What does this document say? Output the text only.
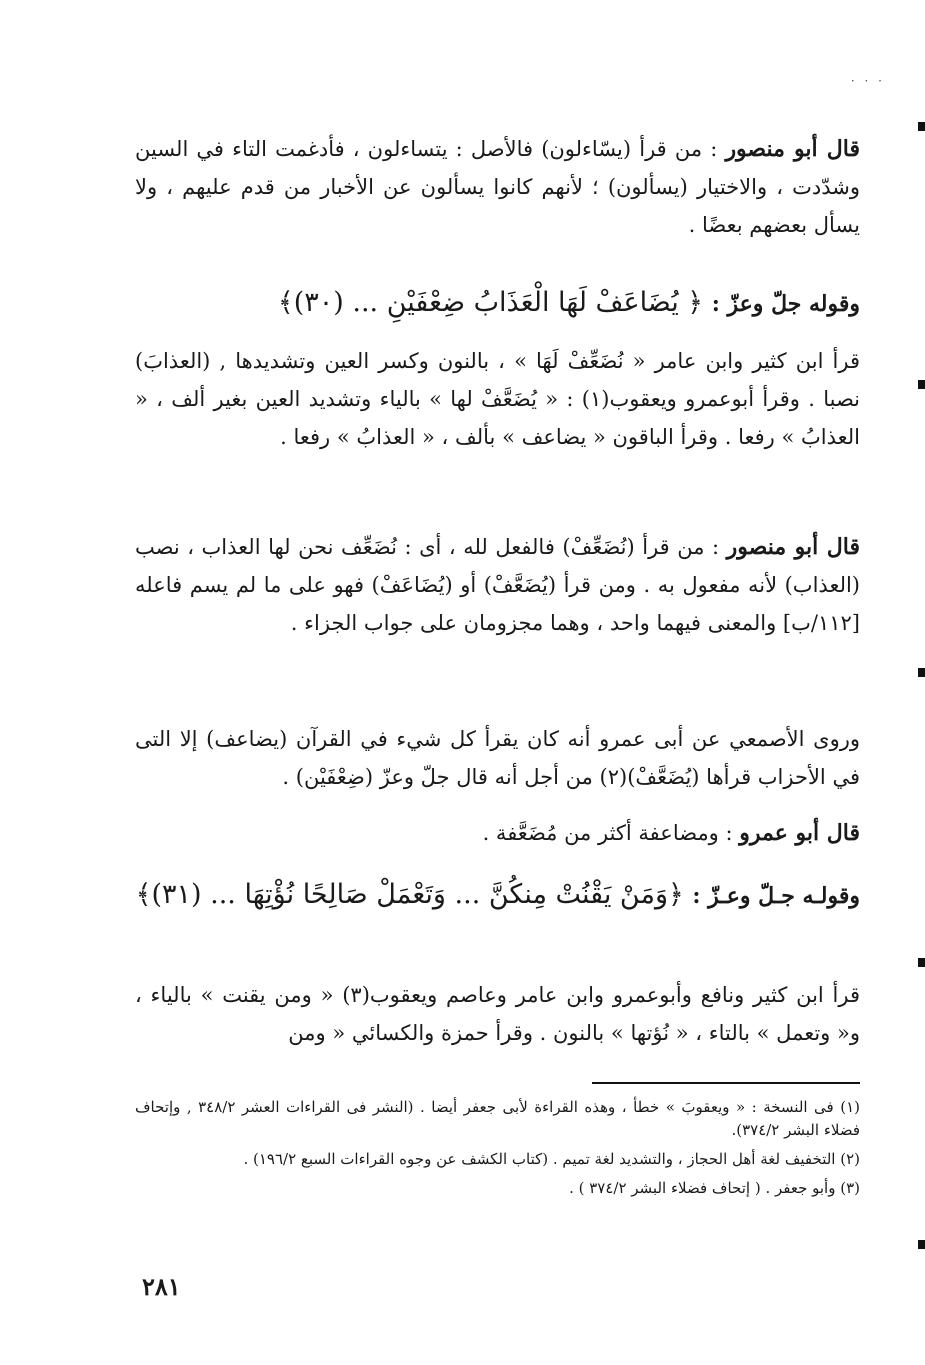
· · ·

قال أبو منصور : من قرأ (يسّاءلون) فالأصل : يتساءلون ، فأدغمت التاء في السين وشدّدت ، والاختيار (يسألون) ؛ لأنهم كانوا يسألون عن الأخبار من قدم عليهم ، ولا يسأل بعضهم بعضًا .

وقوله جلّ وعزّ : ﴿ يُضَاعَفْ لَهَا الْعَذَابُ ضِعْفَيْنِ ... (٣٠)﴾

قرأ ابن كثير وابن عامر « نُضَعِّفْ لَهَا » ، بالنون وكسر العين وتشديدها , (العذابَ) نصبا . وقرأ أبوعمرو ويعقوب(١) : « يُضَعَّفْ لها » بالياء وتشديد العين بغير ألف ، « العذابُ » رفعا . وقرأ الباقون « يضاعف » بألف ، « العذابُ » رفعا .

قال أبو منصور : من قرأ (نُضَعِّفْ) فالفعل لله ، أى : نُضَعِّف نحن لها العذاب ، نصب (العذاب) لأنه مفعول به . ومن قرأ (يُضَعَّفْ) أو (يُضَاعَفْ) فهو على ما لم يسم فاعله [١١٢/ب] والمعنى فيهما واحد ، وهما مجزومان على جواب الجزاء .

وروى الأصمعي عن أبى عمرو أنه كان يقرأ كل شيء في القرآن (يضاعف) إلا التى في الأحزاب قرأها (يُضَعَّفْ)(٢) من أجل أنه قال جلّ وعزّ (ضِعْفَيْن) .

قال أبو عمرو : ومضاعفة أكثر من مُضَعَّفة .

وقولـه جـلّ وعـزّ : ﴿وَمَنْ يَقْنُتْ مِنكُنَّ ... وَتَعْمَلْ صَالِحًا نُؤْتِهَا ... (٣١)﴾

قرأ ابن كثير ونافع وأبوعمرو وابن عامر وعاصم ويعقوب(٣) « ومن يقنت » بالياء ، و« وتعمل » بالتاء ، « نُؤتها » بالنون . وقرأ حمزة والكسائي « ومن

(١) فى النسخة : « ويعقوبَ » خطأ ، وهذه القراءة لأبى جعفر أيضا . (النشر فى القراءات العشر ٣٤٨/٢ , وإتحاف فضلاء البشر ٣٧٤/٢).

(٢) التخفيف لغة أهل الحجاز ، والتشديد لغة تميم . (كتاب الكشف عن وجوه القراءات السبع ١٩٦/٢) .

(٣) وأبو جعفر . ( إتحاف فضلاء البشر ٣٧٤/٢ ) .

٢٨١
